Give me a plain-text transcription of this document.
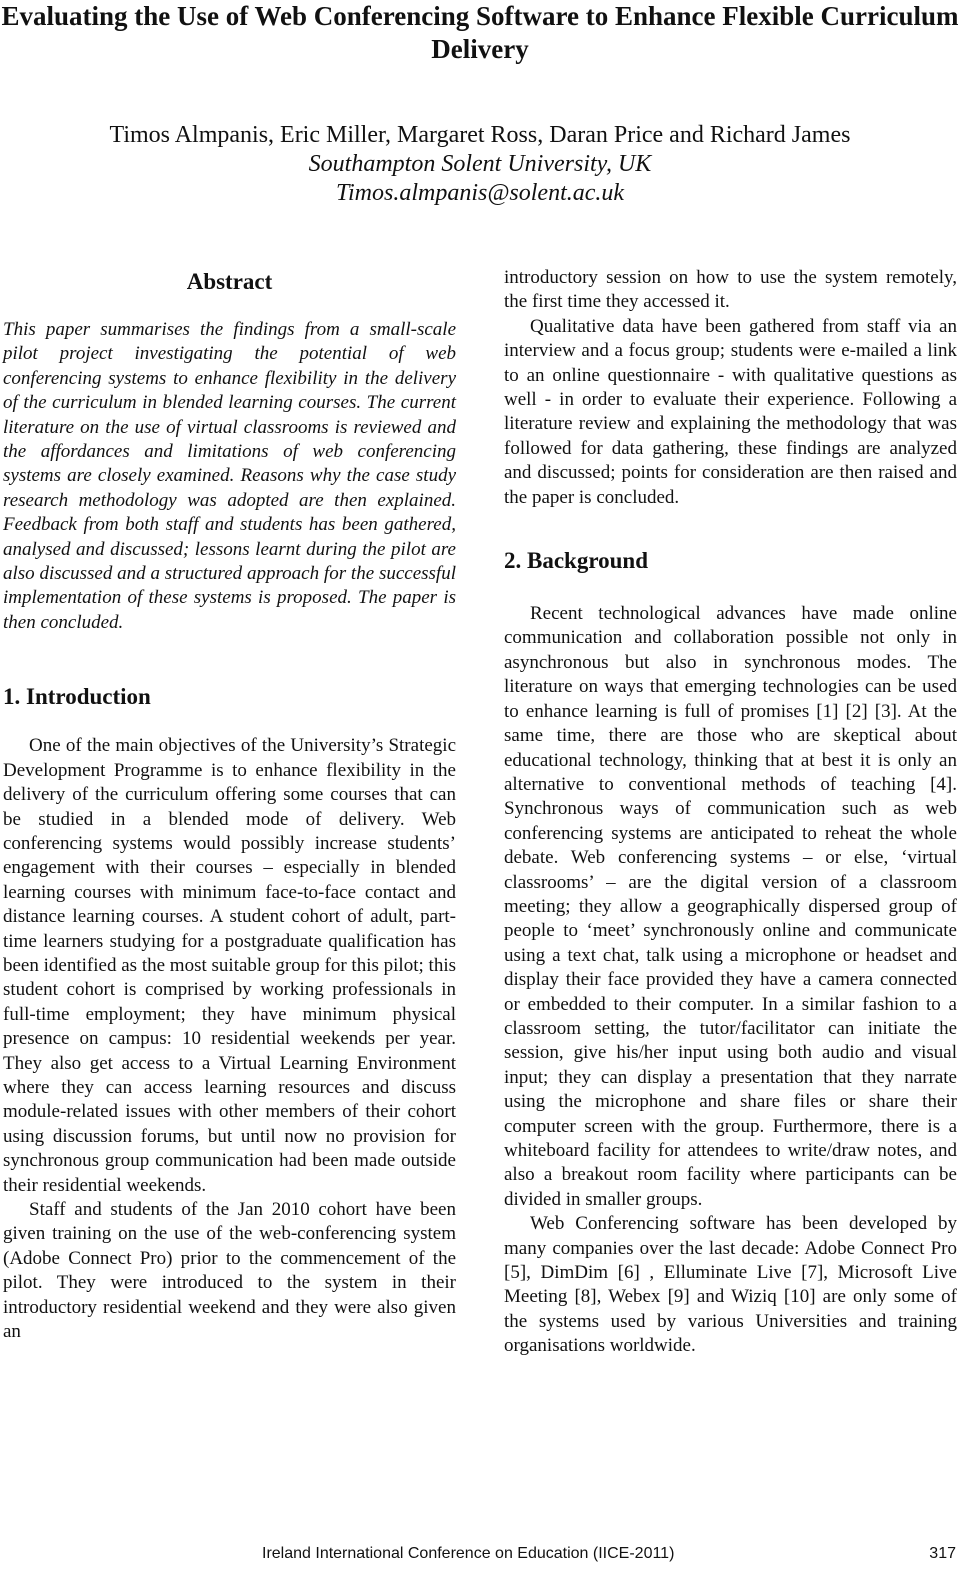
Evaluating the Use of Web Conferencing Software to Enhance Flexible Curriculum Delivery
Timos Almpanis, Eric Miller, Margaret Ross, Daran Price and Richard James
Southampton Solent University, UK
Timos.almpanis@solent.ac.uk
Abstract

This paper summarises the findings from a small-scale pilot project investigating the potential of web conferencing systems to enhance flexibility in the delivery of the curriculum in blended learning courses. The current literature on the use of virtual classrooms is reviewed and the affordances and limitations of web conferencing systems are closely examined. Reasons why the case study research methodology was adopted are then explained. Feedback from both staff and students has been gathered, analysed and discussed; lessons learnt during the pilot are also discussed and a structured approach for the successful implementation of these systems is proposed. The paper is then concluded.

1. Introduction

One of the main objectives of the University’s Strategic Development Programme is to enhance flexibility in the delivery of the curriculum offering some courses that can be studied in a blended mode of delivery. Web conferencing systems would possibly increase students’ engagement with their courses – especially in blended learning courses with minimum face-to-face contact and distance learning courses. A student cohort of adult, part-time learners studying for a postgraduate qualification has been identified as the most suitable group for this pilot; this student cohort is comprised by working professionals in full-time employment; they have minimum physical presence on campus: 10 residential weekends per year. They also get access to a Virtual Learning Environment where they can access learning resources and discuss module-related issues with other members of their cohort using discussion forums, but until now no provision for synchronous group communication had been made outside their residential weekends.

Staff and students of the Jan 2010 cohort have been given training on the use of the web-conferencing system (Adobe Connect Pro) prior to the commencement of the pilot. They were introduced to the system in their introductory residential weekend and they were also given an

introductory session on how to use the system remotely, the first time they accessed it.

Qualitative data have been gathered from staff via an interview and a focus group; students were e-mailed a link to an online questionnaire - with qualitative questions as well - in order to evaluate their experience. Following a literature review and explaining the methodology that was followed for data gathering, these findings are analyzed and discussed; points for consideration are then raised and the paper is concluded.

2. Background

Recent technological advances have made online communication and collaboration possible not only in asynchronous but also in synchronous modes. The literature on ways that emerging technologies can be used to enhance learning is full of promises [1] [2] [3]. At the same time, there are those who are skeptical about educational technology, thinking that at best it is only an alternative to conventional methods of teaching [4]. Synchronous ways of communication such as web conferencing systems are anticipated to reheat the whole debate. Web conferencing systems – or else, ‘virtual classrooms’ – are the digital version of a classroom meeting; they allow a geographically dispersed group of people to ‘meet’ synchronously online and communicate using a text chat, talk using a microphone or headset and display their face provided they have a camera connected or embedded to their computer. In a similar fashion to a classroom setting, the tutor/facilitator can initiate the session, give his/her input using both audio and visual input; they can display a presentation that they narrate using the microphone and share files or share their computer screen with the group. Furthermore, there is a whiteboard facility for attendees to write/draw notes, and also a breakout room facility where participants can be divided in smaller groups.

Web Conferencing software has been developed by many companies over the last decade: Adobe Connect Pro [5], DimDim [6] , Elluminate Live [7], Microsoft Live Meeting [8], Webex [9] and Wiziq [10] are only some of the systems used by various Universities and training organisations worldwide.

Ireland International Conference on Education (IICE-2011)	317
